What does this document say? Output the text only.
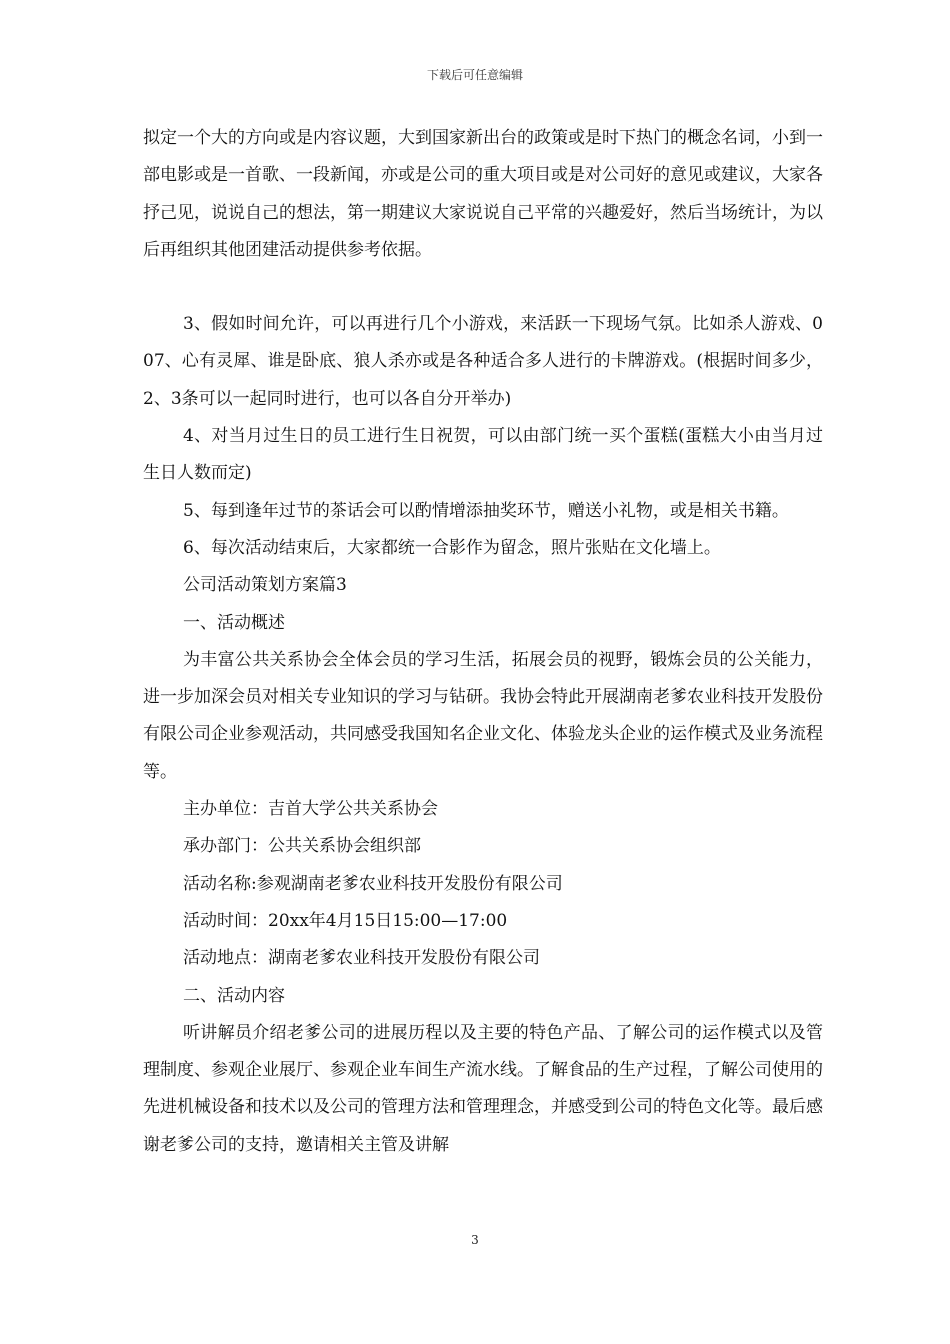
下载后可任意编辑

拟定一个大的方向或是内容议题，大到国家新出台的政策或是时下热门的概念名词，小到一部电影或是一首歌、一段新闻，亦或是公司的重大项目或是对公司好的意见或建议，大家各抒己见，说说自己的想法，第一期建议大家说说自己平常的兴趣爱好，然后当场统计，为以后再组织其他团建活动提供参考依据。

3、假如时间允许，可以再进行几个小游戏，来活跃一下现场气氛。比如杀人游戏、007、心有灵犀、谁是卧底、狼人杀亦或是各种适合多人进行的卡牌游戏。(根据时间多少，2、3条可以一起同时进行，也可以各自分开举办)

4、对当月过生日的员工进行生日祝贺，可以由部门统一买个蛋糕(蛋糕大小由当月过生日人数而定)

5、每到逢年过节的茶话会可以酌情增添抽奖环节，赠送小礼物，或是相关书籍。

6、每次活动结束后，大家都统一合影作为留念，照片张贴在文化墙上。

公司活动策划方案篇3

一、活动概述

为丰富公共关系协会全体会员的学习生活，拓展会员的视野，锻炼会员的公关能力，进一步加深会员对相关专业知识的学习与钻研。我协会特此开展湖南老爹农业科技开发股份有限公司企业参观活动，共同感受我国知名企业文化、体验龙头企业的运作模式及业务流程等。

主办单位：吉首大学公共关系协会

承办部门：公共关系协会组织部

活动名称:参观湖南老爹农业科技开发股份有限公司

活动时间：20xx年4月15日15:00—17:00

活动地点：湖南老爹农业科技开发股份有限公司

二、活动内容

听讲解员介绍老爹公司的进展历程以及主要的特色产品、了解公司的运作模式以及管理制度、参观企业展厅、参观企业车间生产流水线。了解食品的生产过程，了解公司使用的先进机械设备和技术以及公司的管理方法和管理理念，并感受到公司的特色文化等。最后感谢老爹公司的支持，邀请相关主管及讲解

3
